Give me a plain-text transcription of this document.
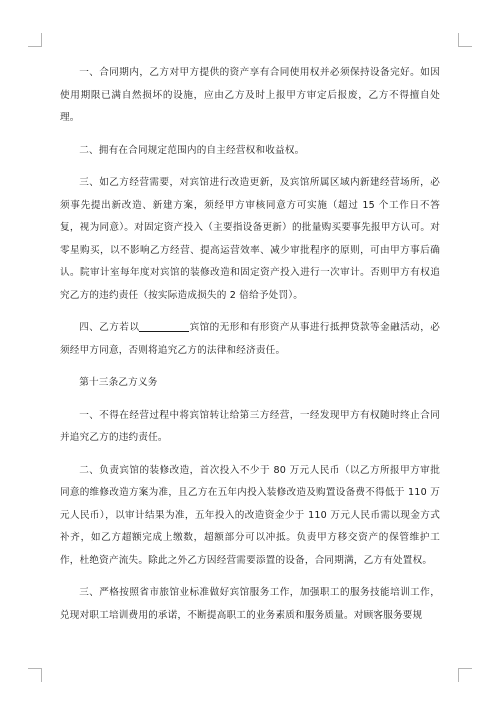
一、合同期内，乙方对甲方提供的资产享有合同使用权并必须保持设备完好。如因使用期限已满自然损坏的设施，应由乙方及时上报甲方审定后报废，乙方不得擅自处理。

二、拥有在合同规定范围内的自主经营权和收益权。

三、如乙方经营需要，对宾馆进行改造更新，及宾馆所属区域内新建经营场所，必须事先提出新改造、新建方案，须经甲方审核同意方可实施（超过 15 个工作日不答复，视为同意）。对固定资产投入（主要指设备更新）的批量购买要事先报甲方认可。对零星购买，以不影响乙方经营、提高运营效率、减少审批程序的原则，可由甲方事后确认。院审计室每年度对宾馆的装修改造和固定资产投入进行一次审计。否则甲方有权追究乙方的违约责任（按实际造成损失的 2 倍给予处罚）。

四、乙方若以	宾馆的无形和有形资产从事进行抵押贷款等金融活动，必须经甲方同意，否则将追究乙方的法律和经济责任。

第十三条乙方义务

一、不得在经营过程中将宾馆转让给第三方经营，一经发现甲方有权随时终止合同并追究乙方的违约责任。

二、负责宾馆的装修改造，首次投入不少于 80 万元人民币（以乙方所报甲方审批同意的维修改造方案为准，且乙方在五年内投入装修改造及购置设备费不得低于 110 万元人民币），以审计结果为准，五年投入的改造资金少于 110 万元人民币需以现金方式补齐，如乙方超额完成上缴数，超额部分可以冲抵。负责甲方移交资产的保管维护工作，杜绝资产流失。除此之外乙方因经营需要添置的设备，合同期满，乙方有处置权。

三、严格按照省市旅馆业标准做好宾馆服务工作，加强职工的服务技能培训工作，兑现对职工培训费用的承诺，不断提高职工的业务素质和服务质量。对顾客服务要规
